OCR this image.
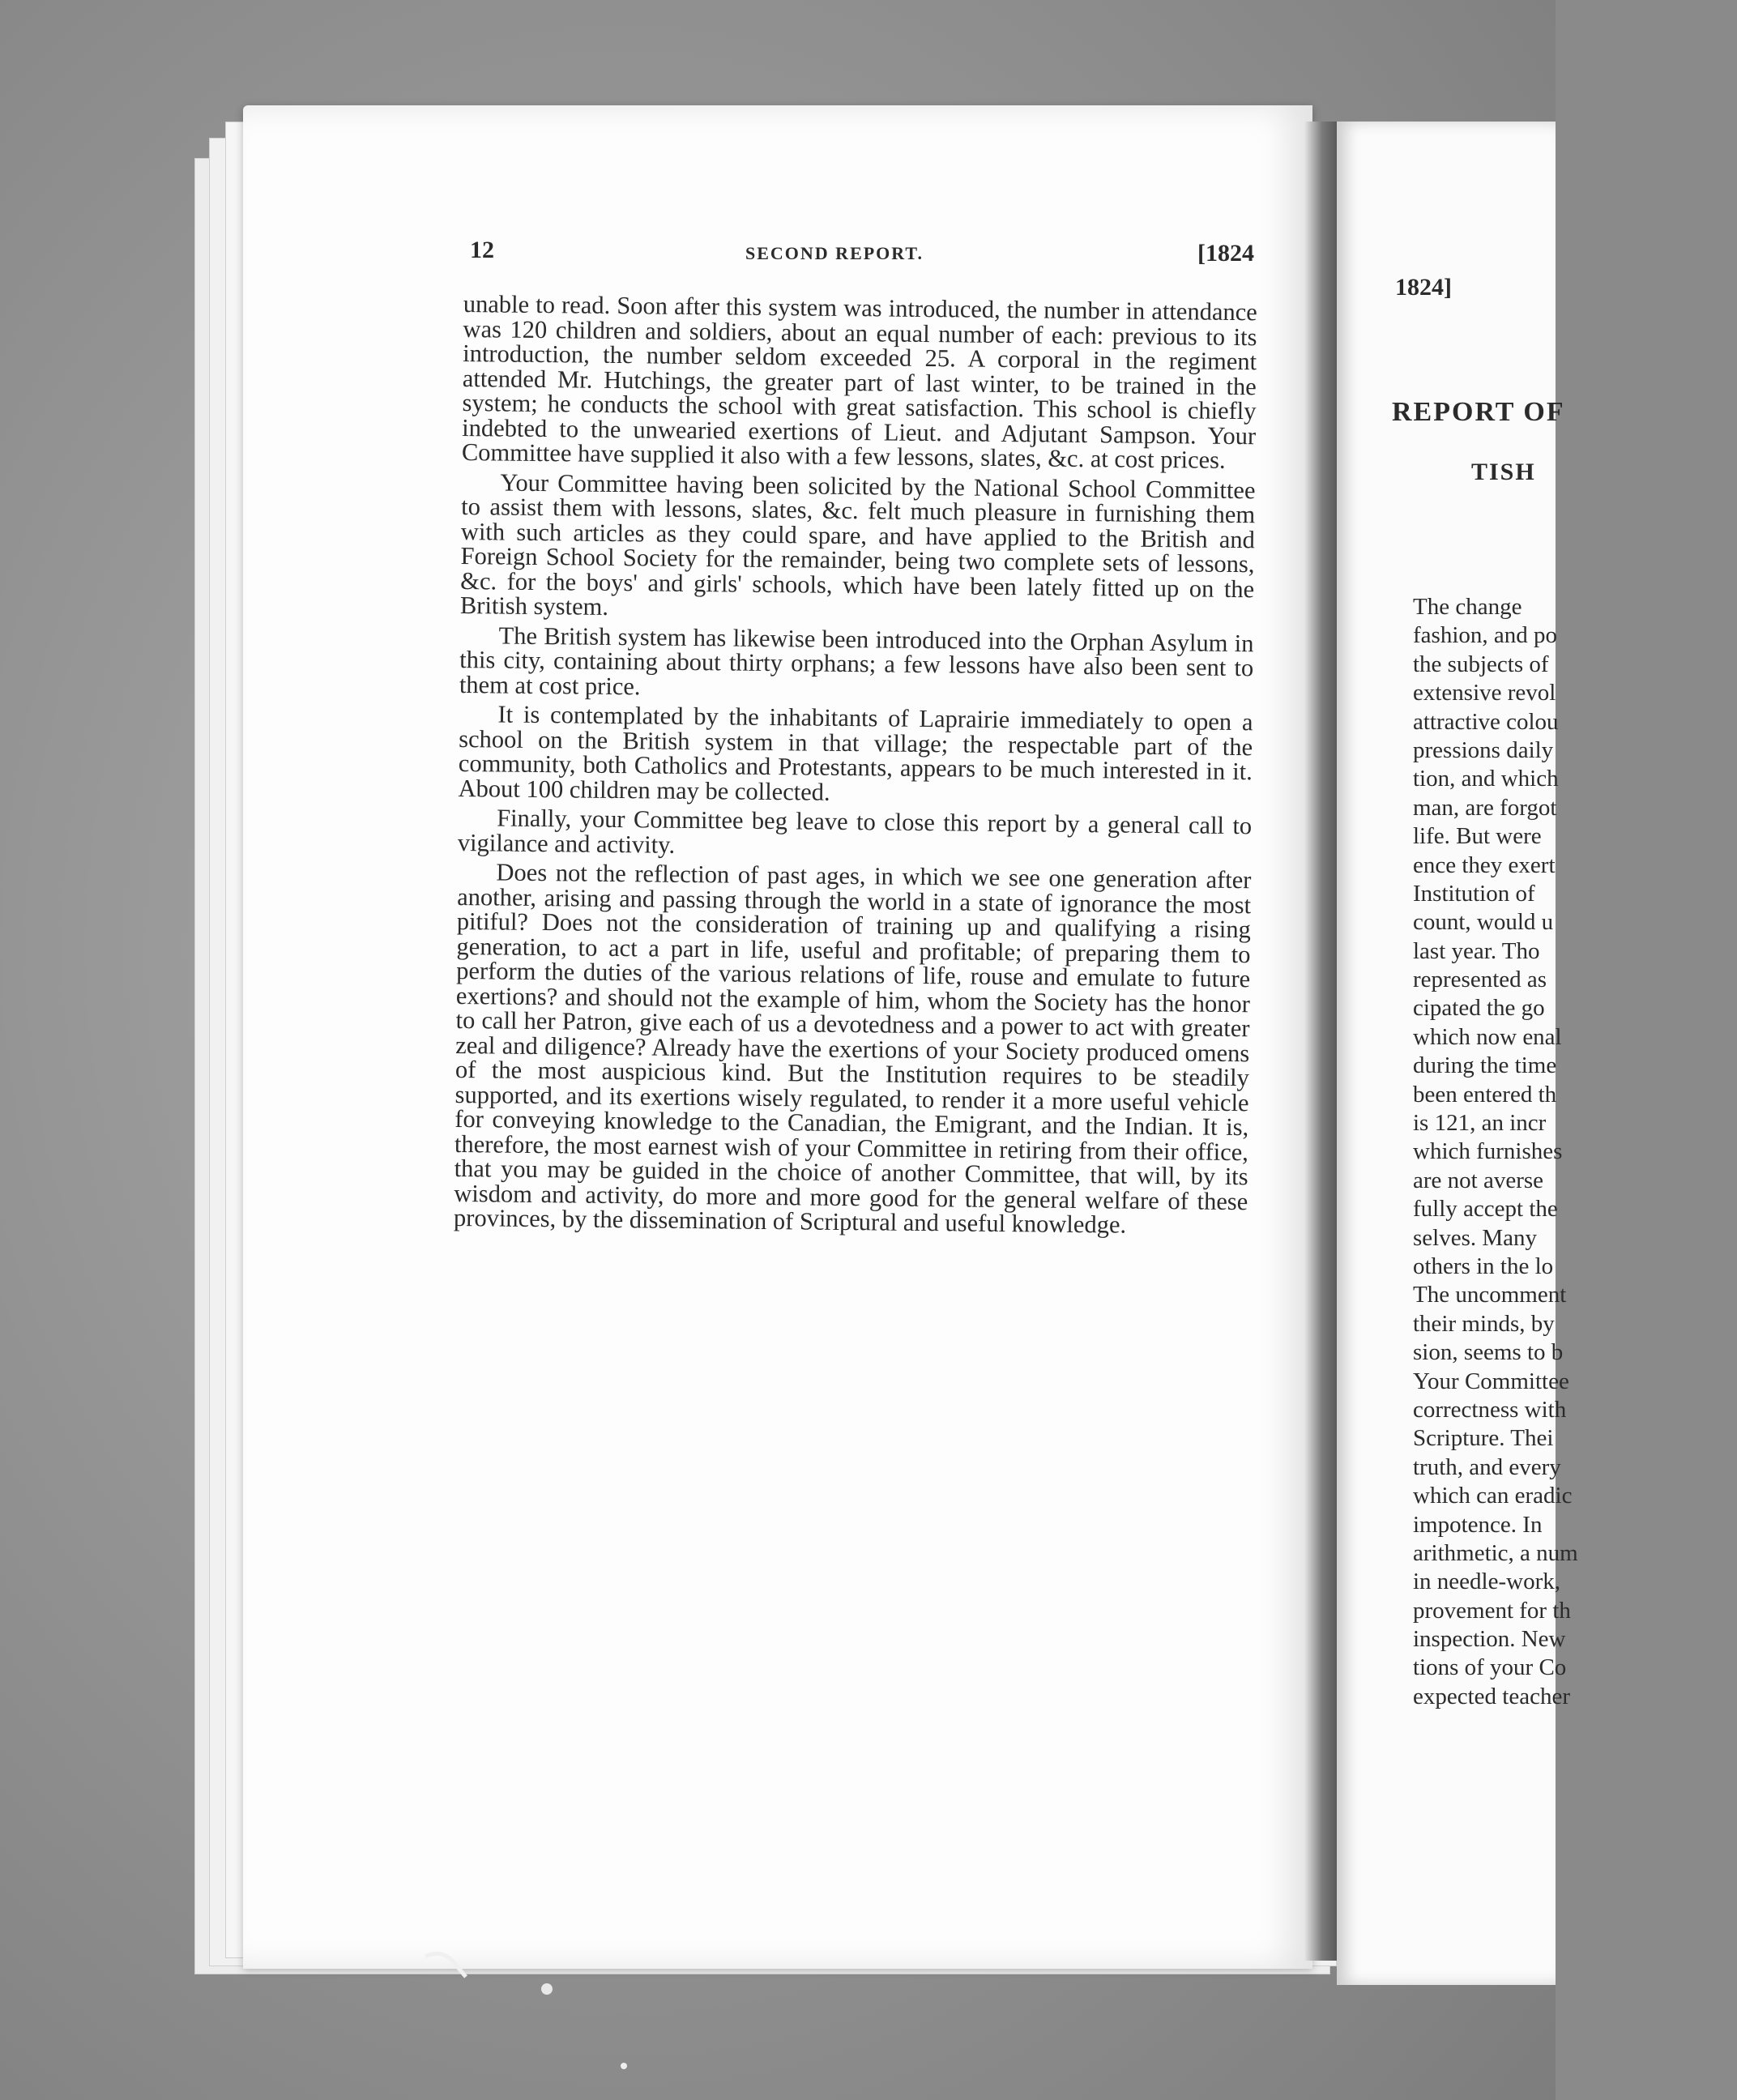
12	SECOND REPORT.	[1824

unable to read. Soon after this system was introduced, the number in attendance was 120 children and soldiers, about an equal number of each: previous to its introduction, the number seldom exceeded 25. A corporal in the regiment attended Mr. Hutchings, the greater part of last winter, to be trained in the system; he conducts the school with great satisfaction. This school is chiefly indebted to the unwearied exertions of Lieut. and Adjutant Sampson. Your Committee have supplied it also with a few lessons, slates, &c. at cost prices.

Your Committee having been solicited by the National School Committee to assist them with lessons, slates, &c. felt much pleasure in furnishing them with such articles as they could spare, and have applied to the British and Foreign School Society for the remainder, being two complete sets of lessons, &c. for the boys' and girls' schools, which have been lately fitted up on the British system.

The British system has likewise been introduced into the Orphan Asylum in this city, containing about thirty orphans; a few lessons have also been sent to them at cost price.

It is contemplated by the inhabitants of Laprairie immediately to open a school on the British system in that village; the respectable part of the community, both Catholics and Protestants, appears to be much interested in it. About 100 children may be collected.

Finally, your Committee beg leave to close this report by a general call to vigilance and activity.

Does not the reflection of past ages, in which we see one generation after another, arising and passing through the world in a state of ignorance the most pitiful? Does not the consideration of training up and qualifying a rising generation, to act a part in life, useful and profitable; of preparing them to perform the duties of the various relations of life, rouse and emulate to future exertions? and should not the example of him, whom the Society has the honor to call her Patron, give each of us a devotedness and a power to act with greater zeal and diligence? Already have the exertions of your Society produced omens of the most auspicious kind. But the Institution requires to be steadily supported, and its exertions wisely regulated, to render it a more useful vehicle for conveying knowledge to the Canadian, the Emigrant, and the Indian. It is, therefore, the most earnest wish of your Committee in retiring from their office, that you may be guided in the choice of another Committee, that will, by its wisdom and activity, do more and more good for the general welfare of these provinces, by the dissemination of Scriptural and useful knowledge.

1824]
REPORT OF
TISH
The change
fashion, and po
the subjects of
extensive revol
attractive colou
pressions daily
tion, and which
man, are forgot
life. But were
ence they exert
Institution of
count, would u
last year. Tho
represented as
cipated the go
which now enal
during the time
been entered th
is 121, an incr
which furnishes
are not averse
fully accept the
selves. Many
others in the lo
The uncomment
their minds, by
sion, seems to b
Your Committee
correctness with
Scripture. Thei
truth, and every
which can eradic
impotence. In
arithmetic, a num
in needle-work,
provement for th
inspection. New
tions of your Co
expected teacher
